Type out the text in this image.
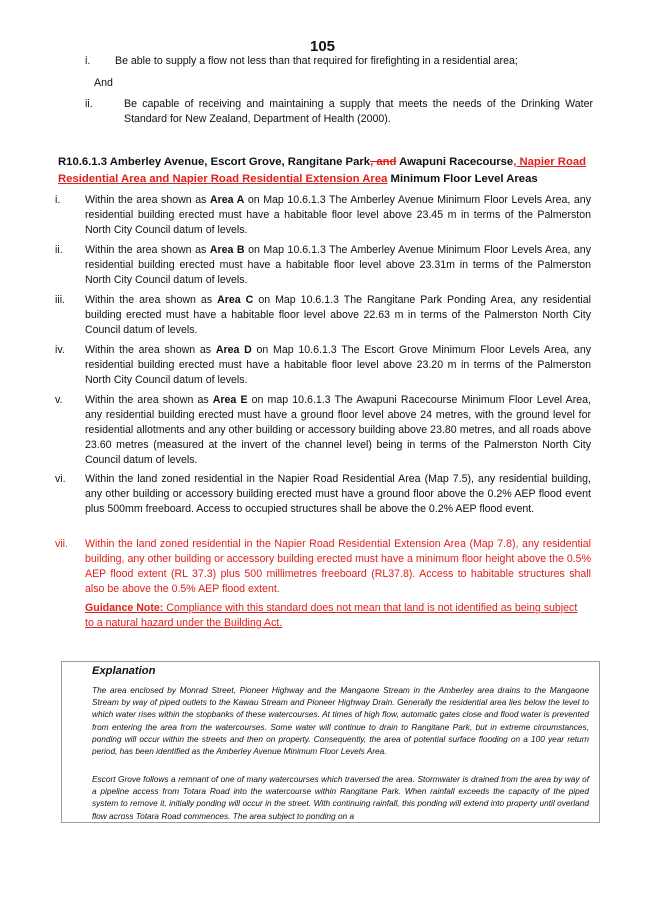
105
i. Be able to supply a flow not less than that required for firefighting in a residential area;
And
ii.	Be capable of receiving and maintaining a supply that meets the needs of the Drinking Water Standard for New Zealand, Department of Health (2000).
R10.6.1.3 Amberley Avenue, Escort Grove, Rangitane Park, and Awapuni Racecourse, Napier Road Residential Area and Napier Road Residential Extension Area Minimum Floor Level Areas
i. Within the area shown as Area A on Map 10.6.1.3 The Amberley Avenue Minimum Floor Levels Area, any residential building erected must have a habitable floor level above 23.45 m in terms of the Palmerston North City Council datum of levels.
ii. Within the area shown as Area B on Map 10.6.1.3 The Amberley Avenue Minimum Floor Levels Area, any residential building erected must have a habitable floor level above 23.31m in terms of the Palmerston North City Council datum of levels.
iii. Within the area shown as Area C on Map 10.6.1.3 The Rangitane Park Ponding Area, any residential building erected must have a habitable floor level above 22.63 m in terms of the Palmerston North City Council datum of levels.
iv. Within the area shown as Area D on Map 10.6.1.3 The Escort Grove Minimum Floor Levels Area, any residential building erected must have a habitable floor level above 23.20 m in terms of the Palmerston North City Council datum of levels.
v. Within the area shown as Area E on map 10.6.1.3 The Awapuni Racecourse Minimum Floor Level Area, any residential building erected must have a ground floor level above 24 metres, with the ground level for residential allotments and any other building or accessory building above 23.80 metres, and all roads above 23.60 metres (measured at the invert of the channel level) being in terms of the Palmerston North City Council datum of levels.
vi. Within the land zoned residential in the Napier Road Residential Area (Map 7.5), any residential building, any other building or accessory building erected must have a ground floor above the 0.2% AEP flood event plus 500mm freeboard. Access to occupied structures shall be above the 0.2% AEP flood event.
vii. Within the land zoned residential in the Napier Road Residential Extension Area (Map 7.8), any residential building, any other building or accessory building erected must have a minimum floor height above the 0.5% AEP flood extent (RL 37.3) plus 500 millimetres freeboard (RL37.8). Access to habitable structures shall also be above the 0.5% AEP flood extent.
Guidance Note: Compliance with this standard does not mean that land is not identified as being subject to a natural hazard under the Building Act.
Explanation
The area enclosed by Monrad Street, Pioneer Highway and the Mangaone Stream in the Amberley area drains to the Mangaone Stream by way of piped outlets to the Kawau Stream and Pioneer Highway Drain. Generally the residential area lies below the level to which water rises within the stopbanks of these watercourses. At times of high flow, automatic gates close and flood water is prevented from entering the area from the watercourses. Some water will continue to drain to Rangitane Park, but in extreme circumstances, ponding will occur within the streets and then on property. Consequently, the area of potential surface flooding on a 100 year return period, has been identified as the Amberley Avenue Minimum Floor Levels Area.
Escort Grove follows a remnant of one of many watercourses which traversed the area. Stormwater is drained from the area by way of a pipeline access from Totara Road into the watercourse within Rangitane Park. When rainfall exceeds the capacity of the piped system to remove it, initially ponding will occur in the street. With continuing rainfall, this ponding will extend into property until overland flow across Totara Road commences. The area subject to ponding on a
